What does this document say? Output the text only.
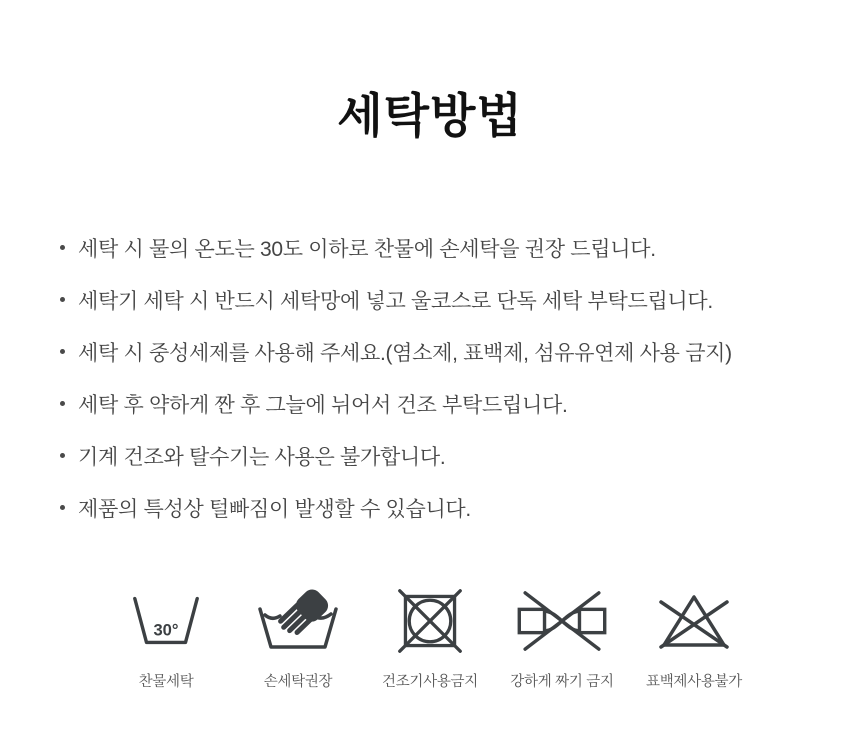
세탁방법
세탁 시 물의 온도는 30도 이하로 찬물에 손세탁을 권장 드립니다.
세탁기 세탁 시 반드시 세탁망에 넣고 울코스로 단독 세탁 부탁드립니다.
세탁 시 중성세제를 사용해 주세요.(염소제, 표백제, 섬유유연제 사용 금지)
세탁 후 약하게 짠 후 그늘에 뉘어서 건조 부탁드립니다.
기계 건조와 탈수기는 사용은 불가합니다.
제품의 특성상 털빠짐이 발생할 수 있습니다.
30°
찬물세탁	손세탁권장	건조기사용금지 강하게 짜기 금지 표백제사용불가
